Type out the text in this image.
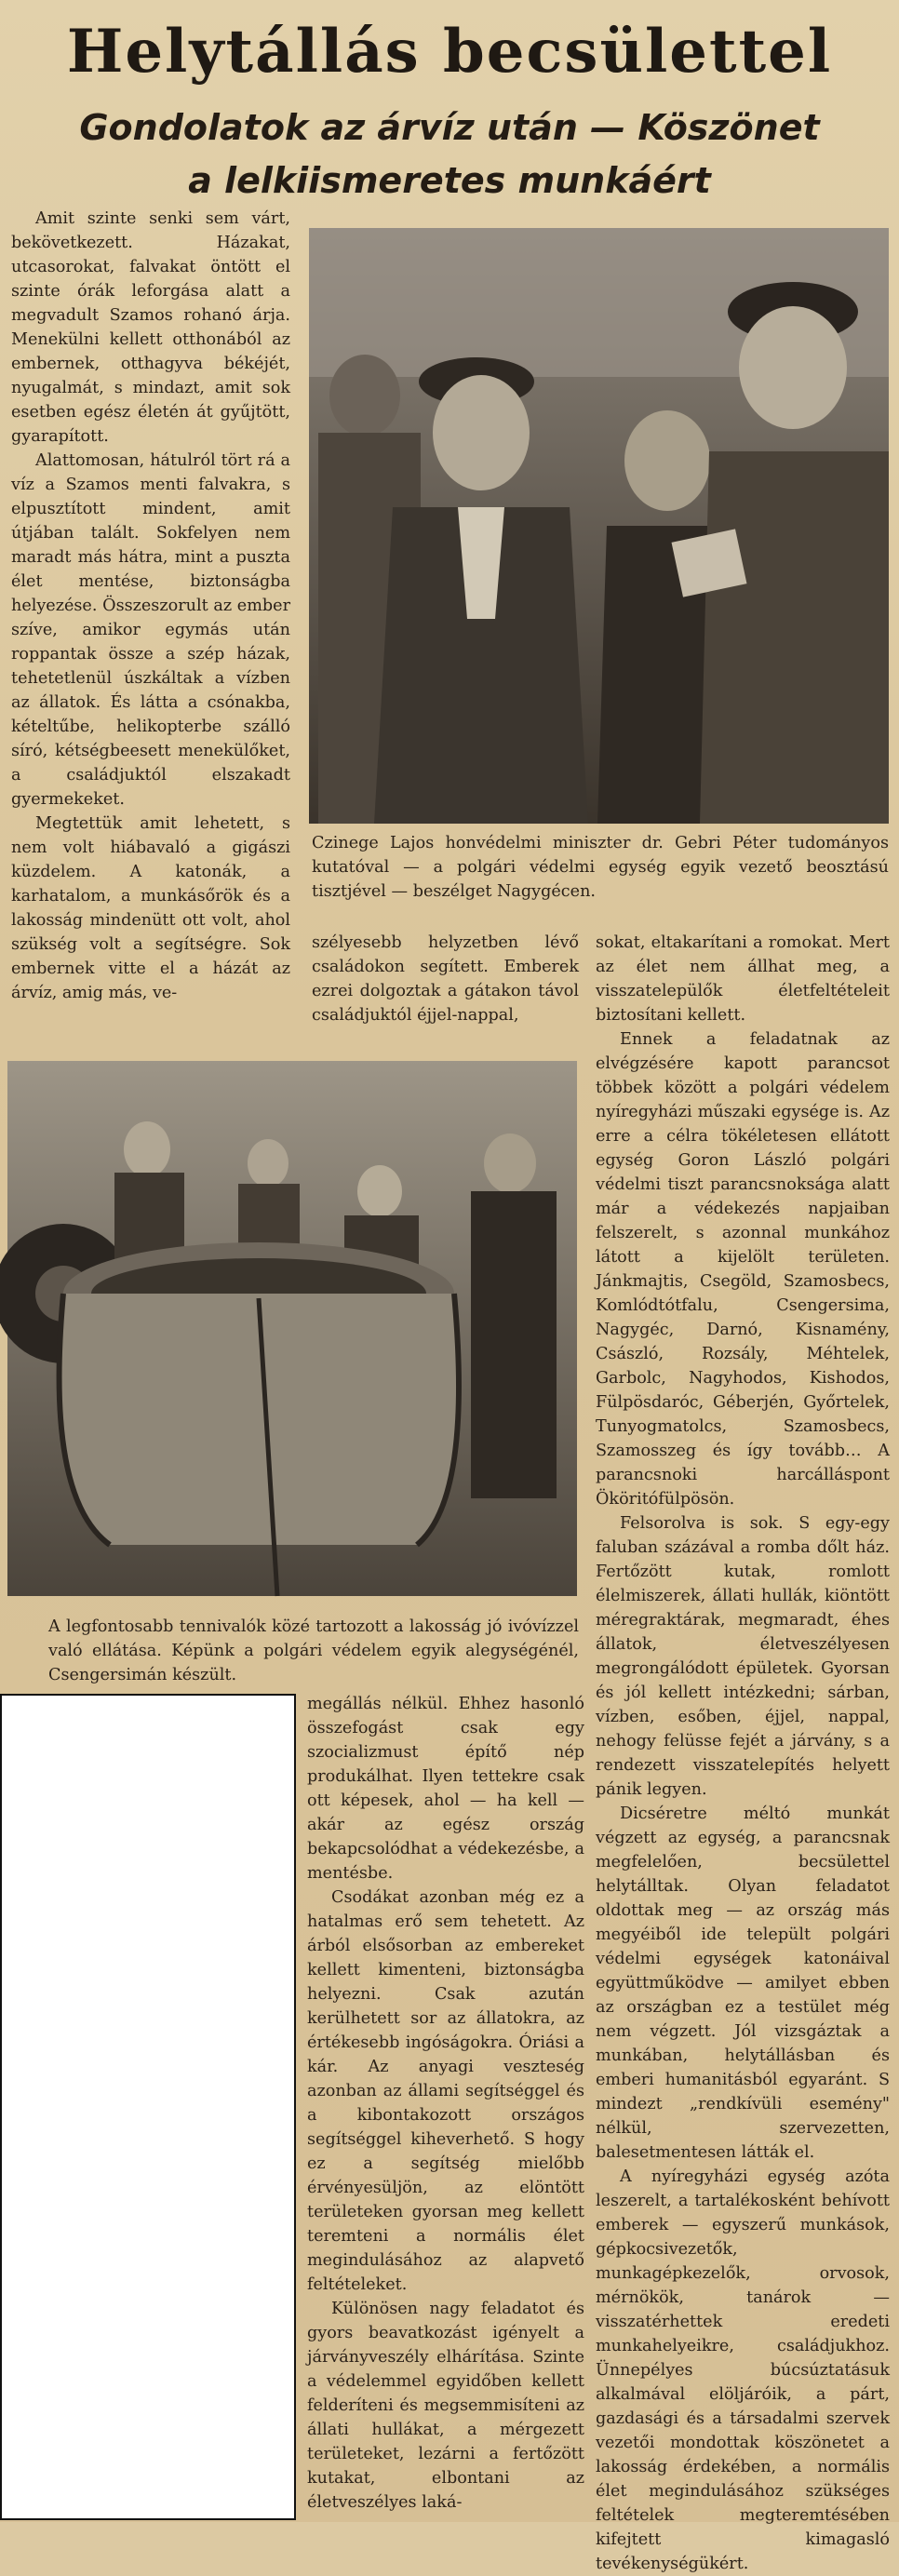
Helytállás becsülettel
Gondolatok az árvíz után — Köszönet
a lelkiismeretes munkáért

Amit szinte senki sem várt, bekövetkezett. Házakat, utcasorokat, falvakat öntött el szinte órák leforgása alatt a megvadult Szamos rohanó árja. Menekülni kellett otthonából az embernek, otthagyva békéjét, nyugalmát, s mindazt, amit sok esetben egész életén át gyűjtött, gyarapított.

Alattomosan, hátulról tört rá a víz a Szamos menti falvakra, s elpusztított mindent, amit útjában talált. Sokfelyen nem maradt más hátra, mint a puszta élet mentése, biztonságba helyezése. Összeszorult az ember szíve, amikor egymás után roppantak össze a szép házak, tehetetlenül úszkáltak a vízben az állatok. És látta a csónakba, kételtűbe, helikopterbe szálló síró, kétségbeesett menekülőket, a családjuktól elszakadt gyermekeket.

Megtettük amit lehetett, s nem volt hiábavaló a gigászi küzdelem. A katonák, a karhatalom, a munkásőrök és a lakosság mindenütt ott volt, ahol szükség volt a segítségre. Sok embernek vitte el a házát az árvíz, amig más, ve-

Czinege Lajos honvédelmi miniszter dr. Gebri Péter tudományos kutatóval — a polgári védelmi egység egyik vezető beosztású tisztjével — beszélget Nagygécen.
szélyesebb helyzetben lévő családokon segített. Emberek ezrei dolgoztak a gátakon távol családjuktól éjjel-nappal,

sokat, eltakarítani a romokat. Mert az élet nem állhat meg, a visszatelepülők életfeltételeit biztosítani kellett.

Ennek a feladatnak az elvégzésére kapott parancsot többek között a polgári védelem nyíregyházi műszaki egysége is. Az erre a célra tökéletesen ellátott egység Goron László polgári védelmi tiszt parancsnoksága alatt már a védekezés napjaiban felszerelt, s azonnal munkához látott a kijelölt területen. Jánkmajtis, Csegöld, Szamosbecs, Komlódtótfalu, Csengersima, Nagygéc, Darnó, Kisnamény, Császló, Rozsály, Méhtelek, Garbolc, Nagyhodos, Kishodos, Fülpösdaróc, Géberjén, Győrtelek, Tunyogmatolcs, Szamosbecs, Szamosszeg és így tovább… A parancsnoki harcálláspont Ököritófülpösön.

Felsorolva is sok. S egy-egy faluban százával a romba dőlt ház. Fertőzött kutak, romlott élelmiszerek, állati hullák, kiöntött méregraktárak, megmaradt, éhes állatok, életveszélyesen megrongálódott épületek. Gyorsan és jól kellett intézkedni; sárban, vízben, esőben, éjjel, nappal, nehogy felüsse fejét a járvány, s a rendezett visszatelepítés helyett pánik legyen.

Dicséretre méltó munkát végzett az egység, a parancsnak megfelelően, becsülettel helytálltak. Olyan feladatot oldottak meg — az ország más megyéiből ide települt polgári védelmi egységek katonáival együttműködve — amilyet ebben az országban ez a testület még nem végzett. Jól vizsgáztak a munkában, helytállásban és emberi humanitásból egyaránt. S mindezt „rendkívüli esemény" nélkül, szervezetten, balesetmentesen látták el.

A nyíregyházi egység azóta leszerelt, a tartalékosként behívott emberek — egyszerű munkások, gépkocsivezetők, munkagépkezelők, orvosok, mérnökök, tanárok — visszatérhettek eredeti munkahelyeikre, családjukhoz. Ünnepélyes búcsúztatásuk alkalmával elöljáróik, a párt, gazdasági és a társadalmi szervek vezetői mondottak köszönetet a lakosság érdekében, a normális élet megindulásához szükséges feltételek megteremtésében kifejtett kimagasló tevékenységükért.

A legfontosabb tennivalók közé tartozott a lakosság jó ivóvízzel való ellátása. Képünk a polgári védelem egyik alegységénél, Csengersimán készült.

megállás nélkül. Ehhez hasonló összefogást csak egy szocializmust építő nép produkálhat. Ilyen tettekre csak ott képesek, ahol — ha kell — akár az egész ország bekapcsolódhat a védekezésbe, a mentésbe.

Csodákat azonban még ez a hatalmas erő sem tehetett. Az árból elsősorban az embereket kellett kimenteni, biztonságba helyezni. Csak azután kerülhetett sor az állatokra, az értékesebb ingóságokra. Óriási a kár. Az anyagi veszteség azonban az állami segítséggel és a kibontakozott országos segítséggel kiheverhető. S hogy ez a segítség mielőbb érvényesüljön, az elöntött területeken gyorsan meg kellett teremteni a normális élet megindulásához az alapvető feltételeket.

Különösen nagy feladatot és gyors beavatkozást igényelt a járványveszély elhárítása. Szinte a védelemmel egyidőben kellett felderíteni és megsemmisíteni az állati hullákat, a mérgezett területeket, lezárni a fertőzött kutakat, elbontani az életveszélyes laká-
